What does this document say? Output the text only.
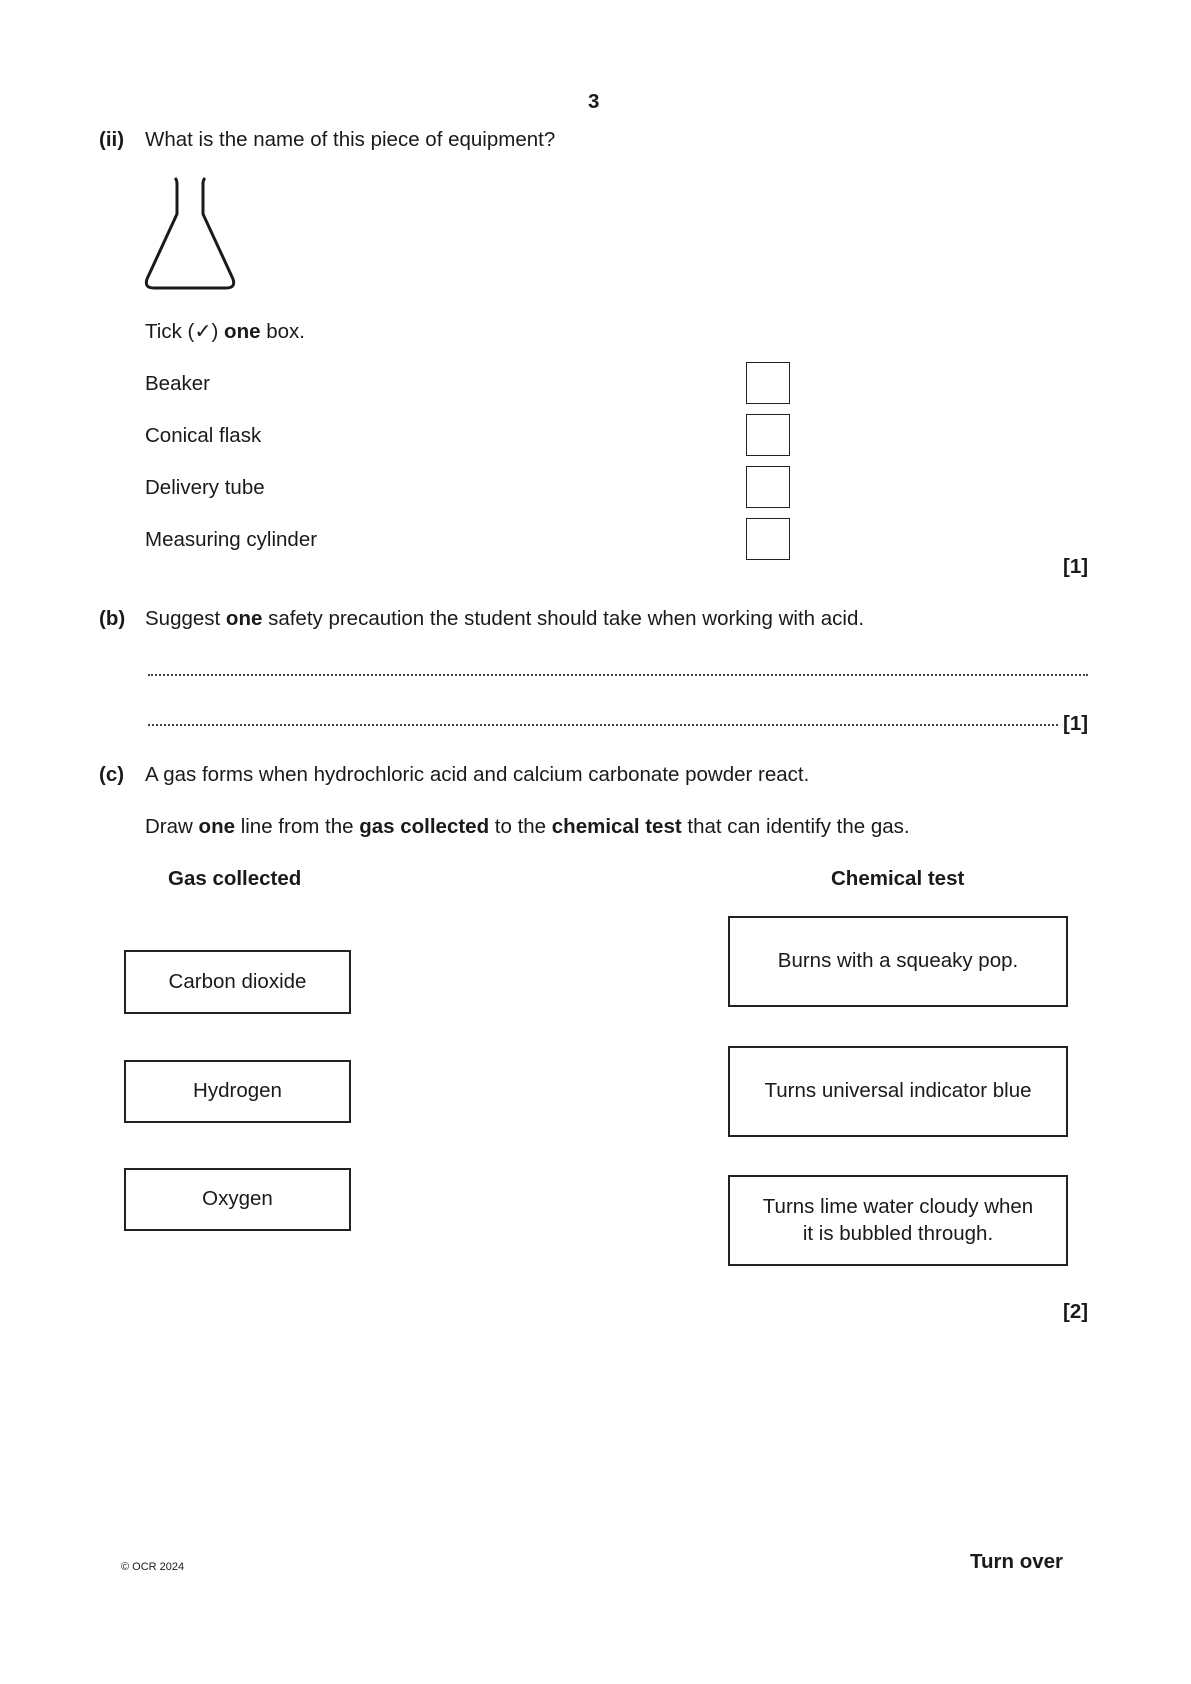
3
(ii) What is the name of this piece of equipment?
Tick (✓) one box.
Beaker
Conical flask
Delivery tube
Measuring cylinder
[1]
(b) Suggest one safety precaution the student should take when working with acid.
[1]
(c) A gas forms when hydrochloric acid and calcium carbonate powder react.
Draw one line from the gas collected to the chemical test that can identify the gas.
Gas collected	Chemical test
Carbon dioxide
Hydrogen
Oxygen
Burns with a squeaky pop.
Turns universal indicator blue
Turns lime water cloudy when
it is bubbled through.
[2]
© OCR 2024	Turn over
